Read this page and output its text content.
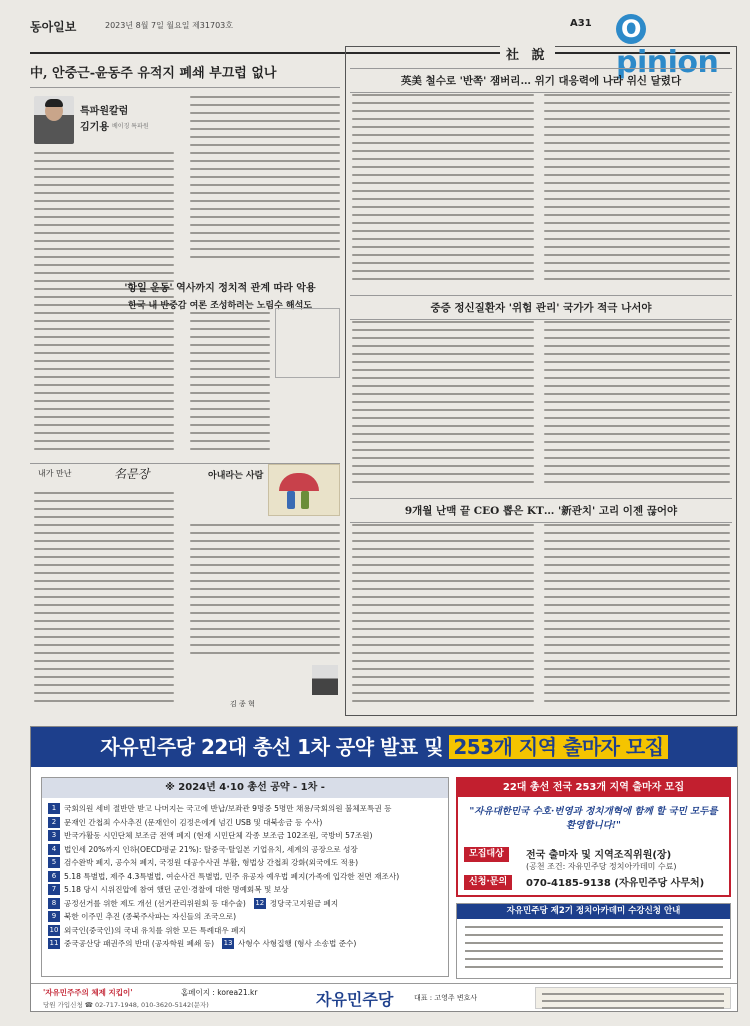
동아일보	2023년 8월 7일 월요일 제31703호	A31 Opinion
中, 안중근-윤동주 유적지 폐쇄 부끄럽 없나
특파원칼럼
김기용 베이징 특파원
'항일 운동' 역사까지 정치적 관계 따라 악용
한국 내 반중감 여론 조성하려는 노림수 해석도
내가 만난	名문장	아내라는 사람
김 종 혁
社 說
英美 철수로 '반쪽' 잼버리… 위기 대응력에 나라 위신 달렸다
중증 정신질환자 '위험 관리' 국가가 적극 나서야
9개월 난맥 끝 CEO 뽑은 KT… '新관치' 고리 이젠 끊어야
자유민주당 22대 총선 1차 공약 발표 및 253개 지역 출마자 모집
※ 2024년 4·10 총선 공약 - 1차 -
1	국회의원 세비 절반만 받고 나머지는 국고에 반납/보좌관 9명중 5명만 채용/국회의원 불체포특권 등
2	문재인 간첩죄 수사추진 (문재인이 김정은에게 넘긴 USB 및 대북송금 등 수사)
3	반국가활동 시민단체 보조금 전액 폐지 (현재 시민단체 각종 보조금 102조원, 국방비 57조원)
4	법인세 20%까지 인하(OECD평균 21%): 탈중국·탈일본 기업유치, 세계의 공장으로 성장
5	검수완박 폐지, 공수처 폐지, 국정원 대공수사권 부활, 형법상 간첩죄 강화(외국에도 적용)
6	5.18 특별법, 제주 4.3특별법, 여순사건 특별법, 민주 유공자 예우법 폐지(가족에 입각한 전면 재조사)
7	5.18 당시 시위진압에 참여 했던 군인·경찰에 대한 명예회복 및 보상
8	공정선거를 위한 제도 개선 (선거관리위원회 등 대수술) 12 정당국고지원금 폐지
9	북한 이주민 추진 (종북주사파는 자신들의 조국으로)
10 외국인(중국인)의 국내 유치를 위한 모든 특례대우 폐지
11 중국공산당 패권주의 반대 (공자학원 폐쇄 등) 13 사형수 사형집행 (형사 소송법 준수)
22대 총선 전국 253개 지역 출마자 모집
"자유대한민국 수호·번영과 정치개혁에 함께 할 국민 모두를 환영합니다!"
모집대상	전국 출마자 및 지역조직위원(장)
(공천 조건: 자유민주당 정치아카데미 수료)
신청·문의	070-4185-9138 (자유민주당 사무처)
자유민주당 제2기 정치아카데미 수강신청 안내
'자유민주주의 체제 지킵이'	홈페이지 : korea21.kr
당원 가입신청 ☎ 02-717-1948, 010-3620-5142(문자)	자유민주당	대표 : 고영주 변호사
